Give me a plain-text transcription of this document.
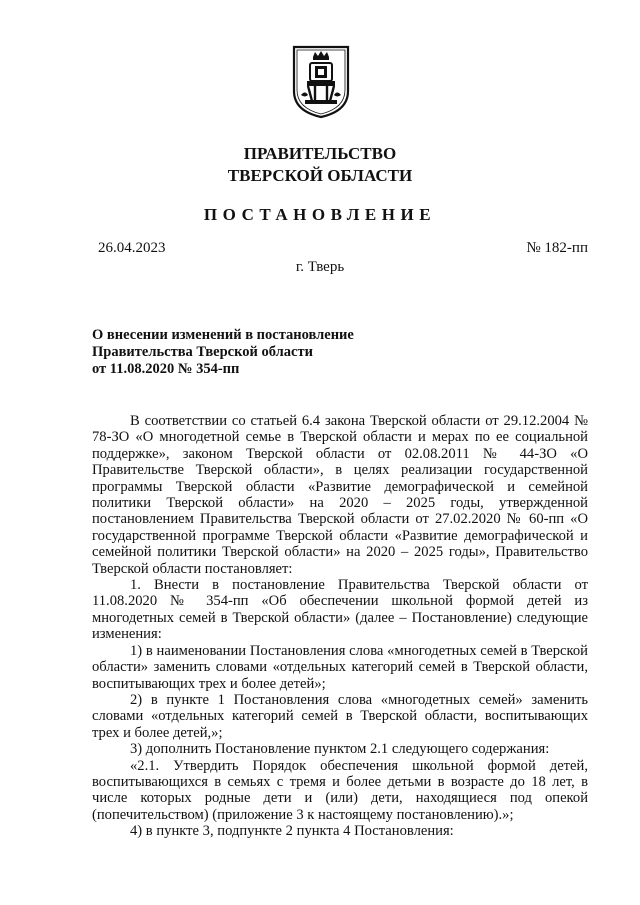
ПРАВИТЕЛЬСТВО
ТВЕРСКОЙ ОБЛАСТИ
ПОСТАНОВЛЕНИЕ
26.04.2023	№ 182-пп
г. Тверь
О внесении изменений в постановление
Правительства Тверской области
от 11.08.2020 № 354-пп

В соответствии со статьей 6.4 закона Тверской области от 29.12.2004 № 78-ЗО «О многодетной семье в Тверской области и мерах по ее социальной поддержке», законом Тверской области от 02.08.2011 № 44-ЗО «О Правительстве Тверской области», в целях реализации государственной программы Тверской области «Развитие демографической и семейной политики Тверской области» на 2020 – 2025 годы, утвержденной постановлением Правительства Тверской области от 27.02.2020 № 60-пп «О государственной программе Тверской области «Развитие демографической и семейной политики Тверской области» на 2020 – 2025 годы», Правительство Тверской области постановляет:

1. Внести в постановление Правительства Тверской области от 11.08.2020 № 354-пп «Об обеспечении школьной формой детей из многодетных семей в Тверской области» (далее – Постановление) следующие изменения:

1) в наименовании Постановления слова «многодетных семей в Тверской области» заменить словами «отдельных категорий семей в Тверской области, воспитывающих трех и более детей»;

2) в пункте 1 Постановления слова «многодетных семей» заменить словами «отдельных категорий семей в Тверской области, воспитывающих трех и более детей,»;

3) дополнить Постановление пунктом 2.1 следующего содержания:

«2.1. Утвердить Порядок обеспечения школьной формой детей, воспитывающихся в семьях с тремя и более детьми в возрасте до 18 лет, в числе которых родные дети и (или) дети, находящиеся под опекой (попечительством) (приложение 3 к настоящему постановлению).»;

4) в пункте 3, подпункте 2 пункта 4 Постановления:
